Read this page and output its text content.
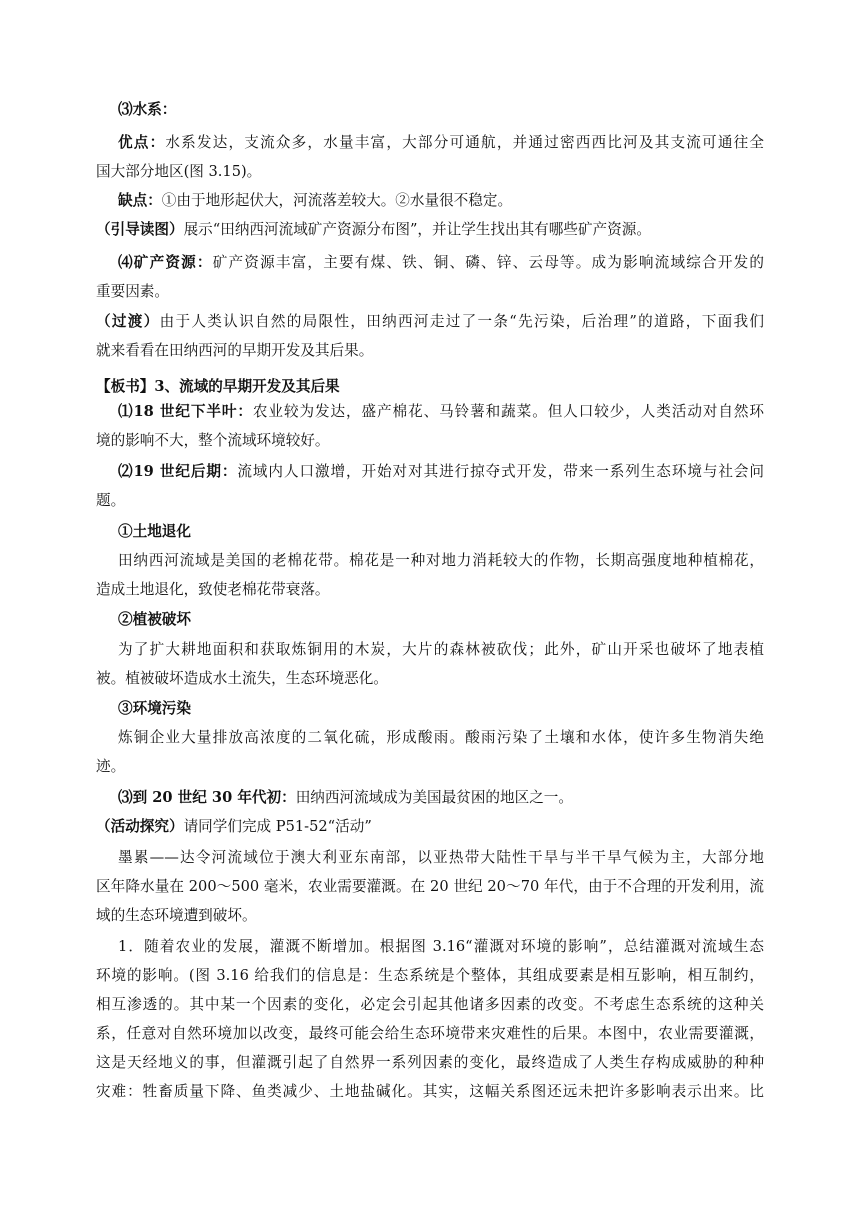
⑶水系：
优点：水系发达，支流众多，水量丰富，大部分可通航，并通过密西西比河及其支流可通往全
国大部分地区(图 3.15)。
缺点：①由于地形起伏大，河流落差较大。②水量很不稳定。
（引导读图）展示“田纳西河流域矿产资源分布图”，并让学生找出其有哪些矿产资源。
⑷矿产资源：矿产资源丰富，主要有煤、铁、铜、磷、锌、云母等。成为影响流域综合开发的
重要因素。
（过渡）由于人类认识自然的局限性，田纳西河走过了一条“先污染，后治理”的道路，下面我们
就来看看在田纳西河的早期开发及其后果。
【板书】3、流域的早期开发及其后果
⑴18 世纪下半叶：农业较为发达，盛产棉花、马铃薯和蔬菜。但人口较少，人类活动对自然环
境的影响不大，整个流域环境较好。
⑵19 世纪后期：流域内人口激增，开始对对其进行掠夺式开发，带来一系列生态环境与社会问
题。
①土地退化
田纳西河流域是美国的老棉花带。棉花是一种对地力消耗较大的作物，长期高强度地种植棉花，
造成土地退化，致使老棉花带衰落。
②植被破坏
为了扩大耕地面积和获取炼铜用的木炭，大片的森林被砍伐；此外，矿山开采也破坏了地表植
被。植被破坏造成水土流失，生态环境恶化。
③环境污染
炼铜企业大量排放高浓度的二氧化硫，形成酸雨。酸雨污染了土壤和水体，使许多生物消失绝
迹。
⑶到 20 世纪 30 年代初：田纳西河流域成为美国最贫困的地区之一。
（活动探究）请同学们完成 P51-52“活动”
墨累——达令河流域位于澳大利亚东南部，以亚热带大陆性干旱与半干旱气候为主，大部分地
区年降水量在 200～500 毫米，农业需要灌溉。在 20 世纪 20～70 年代，由于不合理的开发利用，流
域的生态环境遭到破坏。
1．随着农业的发展，灌溉不断增加。根据图 3.16“灌溉对环境的影响”，总结灌溉对流域生态
环境的影响。(图 3.16 给我们的信息是：生态系统是个整体，其组成要素是相互影响，相互制约，
相互渗透的。其中某一个因素的变化，必定会引起其他诸多因素的改变。不考虑生态系统的这种关
系，任意对自然环境加以改变，最终可能会给生态环境带来灾难性的后果。本图中，农业需要灌溉，
这是天经地义的事，但灌溉引起了自然界一系列因素的变化，最终造成了人类生存构成威胁的种种
灾难：牲畜质量下降、鱼类减少、土地盐碱化。其实，这幅关系图还远未把许多影响表示出来。比
